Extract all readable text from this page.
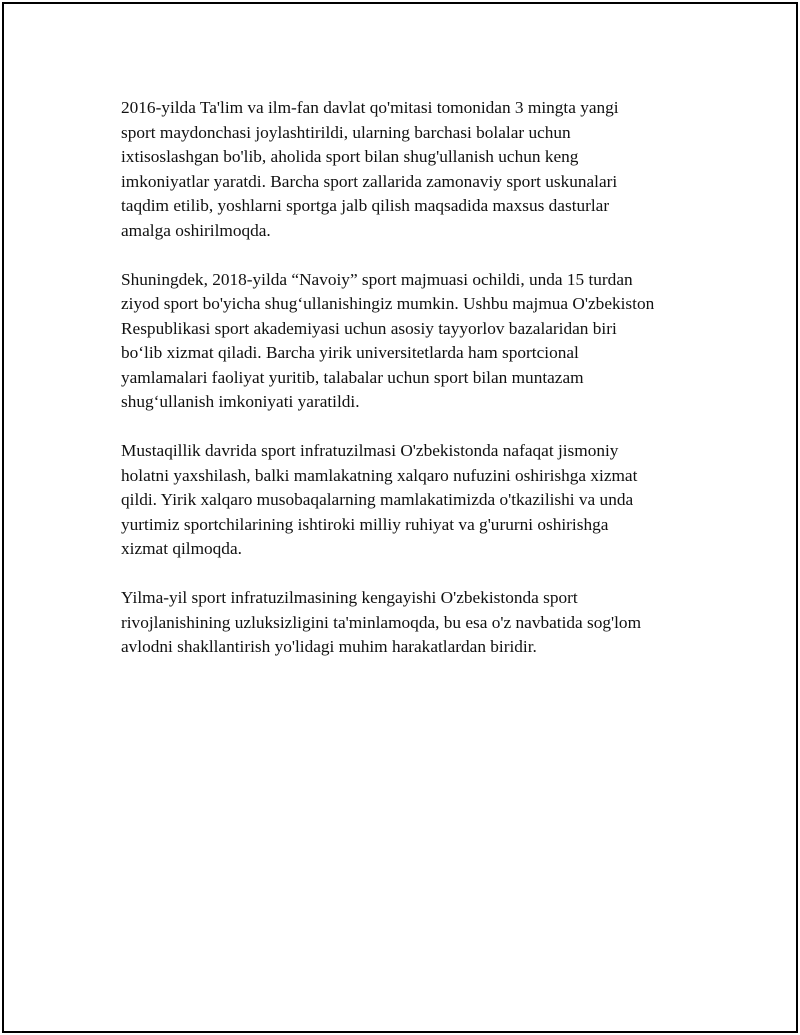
2016-yilda Ta'lim va ilm-fan davlat qo'mitasi tomonidan 3 mingta yangi
sport maydonchasi joylashtirildi, ularning barchasi bolalar uchun
ixtisoslashgan bo'lib, aholida sport bilan shug'ullanish uchun keng
imkoniyatlar yaratdi. Barcha sport zallarida zamonaviy sport uskunalari
taqdim etilib, yoshlarni sportga jalb qilish maqsadida maxsus dasturlar
amalga oshirilmoqda.

Shuningdek, 2018-yilda “Navoiy” sport majmuasi ochildi, unda 15 turdan
ziyod sport bo'yicha shug‘ullanishingiz mumkin. Ushbu majmua O'zbekiston
Respublikasi sport akademiyasi uchun asosiy tayyorlov bazalaridan biri
bo‘lib xizmat qiladi. Barcha yirik universitetlarda ham sportcional
yamlamalari faoliyat yuritib, talabalar uchun sport bilan muntazam
shug‘ullanish imkoniyati yaratildi.

Mustaqillik davrida sport infratuzilmasi O'zbekistonda nafaqat jismoniy
holatni yaxshilash, balki mamlakatning xalqaro nufuzini oshirishga xizmat
qildi. Yirik xalqaro musobaqalarning mamlakatimizda o'tkazilishi va unda
yurtimiz sportchilarining ishtiroki milliy ruhiyat va g'ururni oshirishga
xizmat qilmoqda.

Yilma-yil sport infratuzilmasining kengayishi O'zbekistonda sport
rivojlanishining uzluksizligini ta'minlamoqda, bu esa o'z navbatida sog'lom
avlodni shakllantirish yo'lidagi muhim harakatlardan biridir.
